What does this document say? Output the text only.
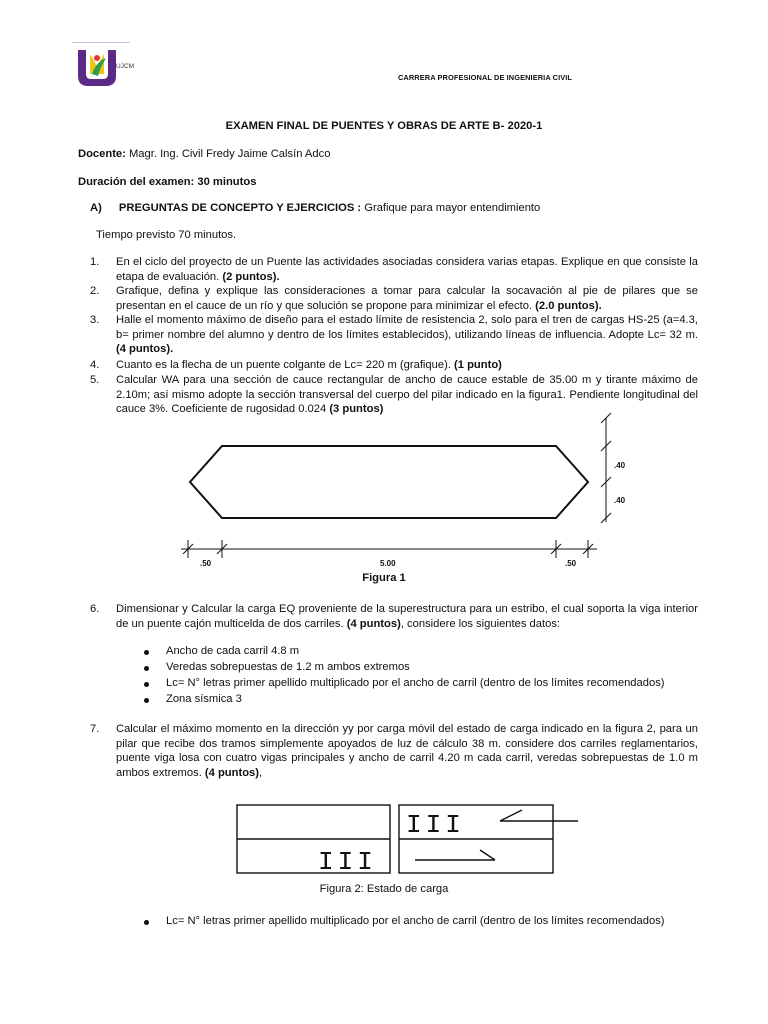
UJCM
CARRERA PROFESIONAL DE INGENIERIA CIVIL
EXAMEN FINAL DE PUENTES Y OBRAS DE ARTE B- 2020-1
Docente: Magr. Ing. Civil Fredy Jaime Calsín Adco
Duración del examen: 30 minutos
A) PREGUNTAS DE CONCEPTO Y EJERCICIOS : Grafique para mayor entendimiento
Tiempo previsto 70 minutos.
1.	En el ciclo del proyecto de un Puente las actividades asociadas considera varias etapas. Explique en que consiste la etapa de evaluación. (2 puntos).
2.	Grafique, defina y explique las consideraciones a tomar para calcular la socavación al pie de pilares que se presentan en el cauce de un río y que solución se propone para minimizar el efecto. (2.0 puntos).
3.	Halle el momento máximo de diseño para el estado límite de resistencia 2, solo para el tren de cargas HS-25 (a=4.3, b= primer nombre del alumno y dentro de los límites establecidos), utilizando líneas de influencia. Adopte Lc= 32 m. (4 puntos).
4.	Cuanto es la flecha de un puente colgante de Lc= 220 m (grafique). (1 punto)
5.	Calcular WA para una sección de cauce rectangular de ancho de cauce estable de 35.00 m y tirante máximo de 2.10m; así mismo adopte la sección transversal del cuerpo del pilar indicado en la figura1. Pendiente longitudinal del cauce 3%. Coeficiente de rugosidad 0.024 (3 puntos)
.40
.40
.50	5.00	.50
Figura 1
6.	Dimensionar y Calcular la carga EQ proveniente de la superestructura para un estribo, el cual soporta la viga interior de un puente cajón multicelda de dos carriles. (4 puntos), considere los siguientes datos:
Ancho de cada carril 4.8 m
Veredas sobrepuestas de 1.2 m ambos extremos
Lc= N° letras primer apellido multiplicado por el ancho de carril (dentro de los límites recomendados)
Zona sísmica 3
7.	Calcular el máximo momento en la dirección yy por carga móvil del estado de carga indicado en la figura 2, para un pilar que recibe dos tramos simplemente apoyados de luz de cálculo 38 m. considere dos carriles reglamentarios, puente viga losa con cuatro vigas principales y ancho de carril 4.20 m cada carril, veredas sobrepuestas de 1.0 m ambos extremos. (4 puntos),
III
III
Figura 2: Estado de carga
Lc= N° letras primer apellido multiplicado por el ancho de carril (dentro de los límites recomendados)
